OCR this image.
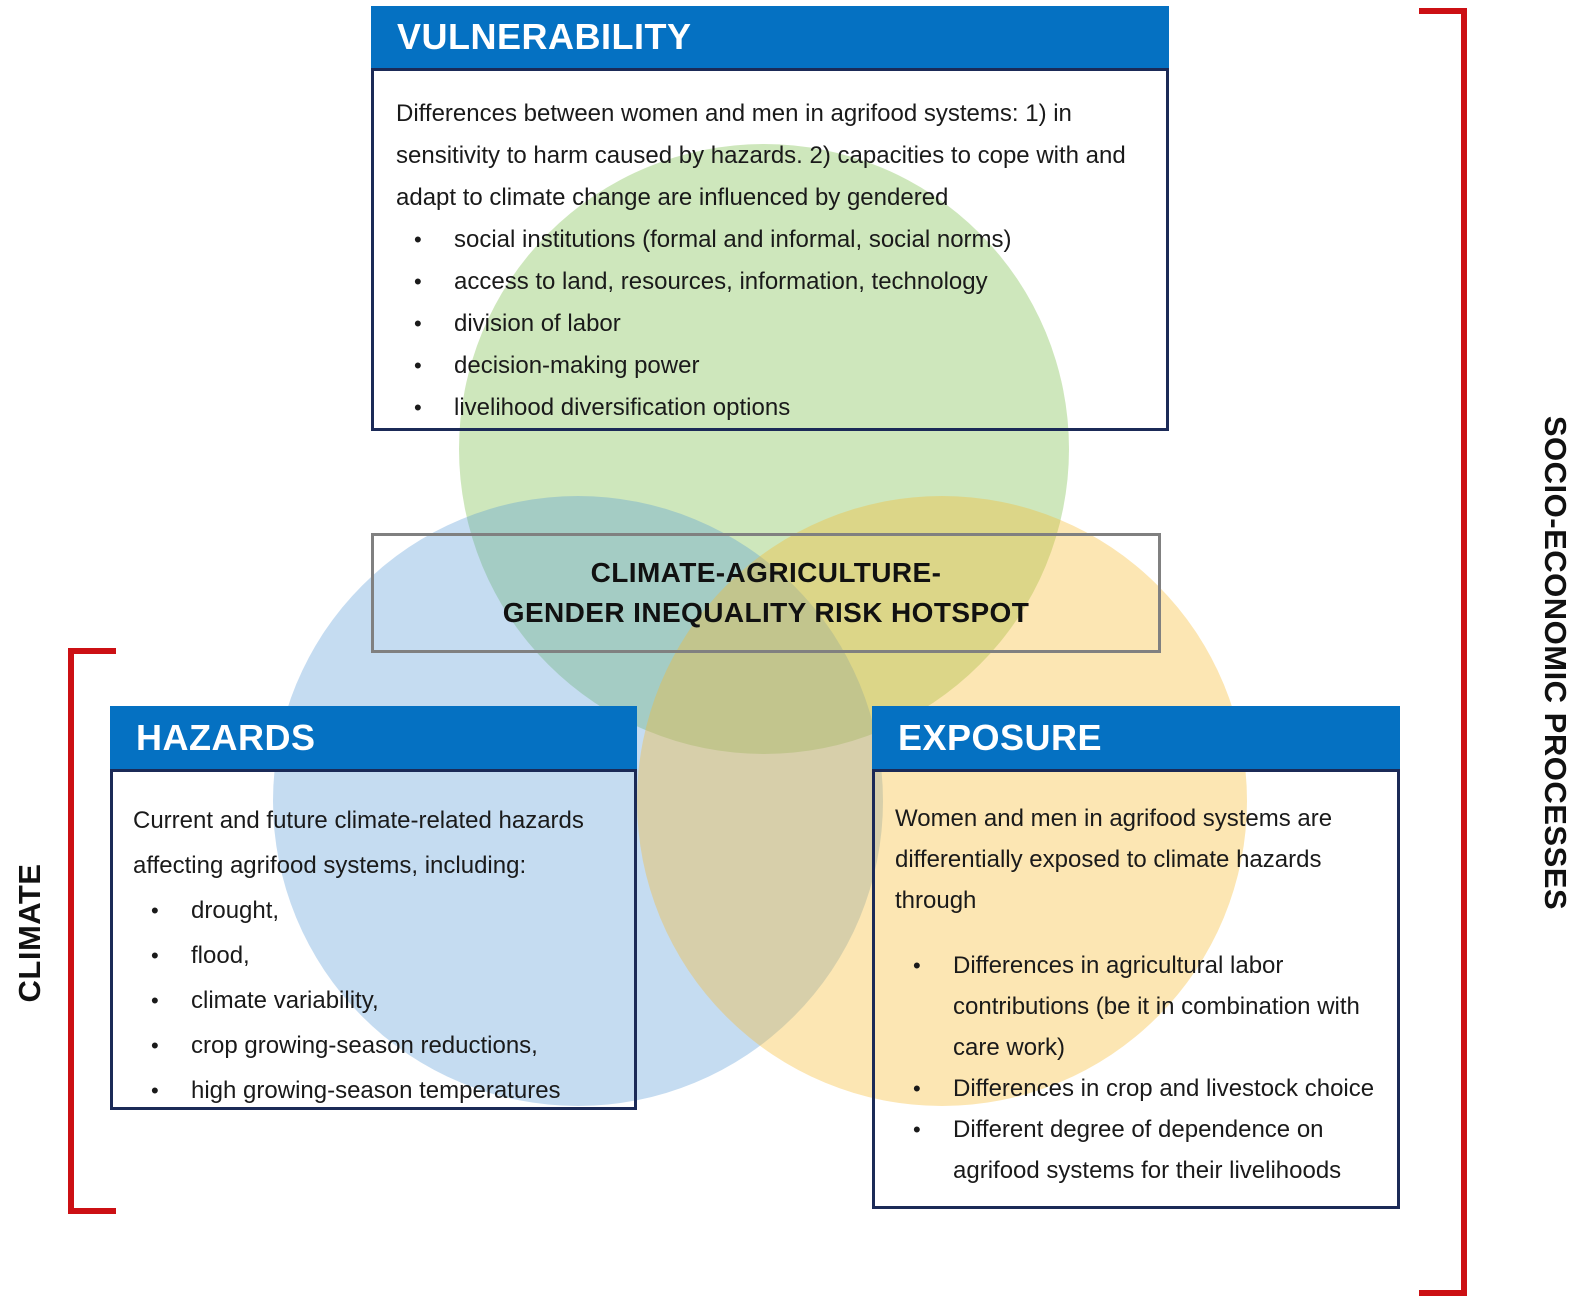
CLIMATE
SOCIO-ECONOMIC PROCESSES
VULNERABILITY

Differences between women and men in agrifood systems: 1) in sensitivity to harm caused by hazards. 2) capacities to cope with and adapt to climate change are influenced by gendered

• social institutions (formal and informal, social norms)
• access to land, resources, information, technology
• division of labor
• decision-making power
• livelihood diversification options
CLIMATE-AGRICULTURE-
GENDER INEQUALITY RISK HOTSPOT
HAZARDS

Current and future climate-related hazards affecting agrifood systems, including:

• drought,
• flood,
• climate variability,
• crop growing-season reductions,
• high growing-season temperatures
EXPOSURE

Women and men in agrifood systems are differentially exposed to climate hazards through

• Differences in agricultural labor contributions (be it in combination with care work)
• Differences in crop and livestock choice
• Different degree of dependence on agrifood systems for their livelihoods
